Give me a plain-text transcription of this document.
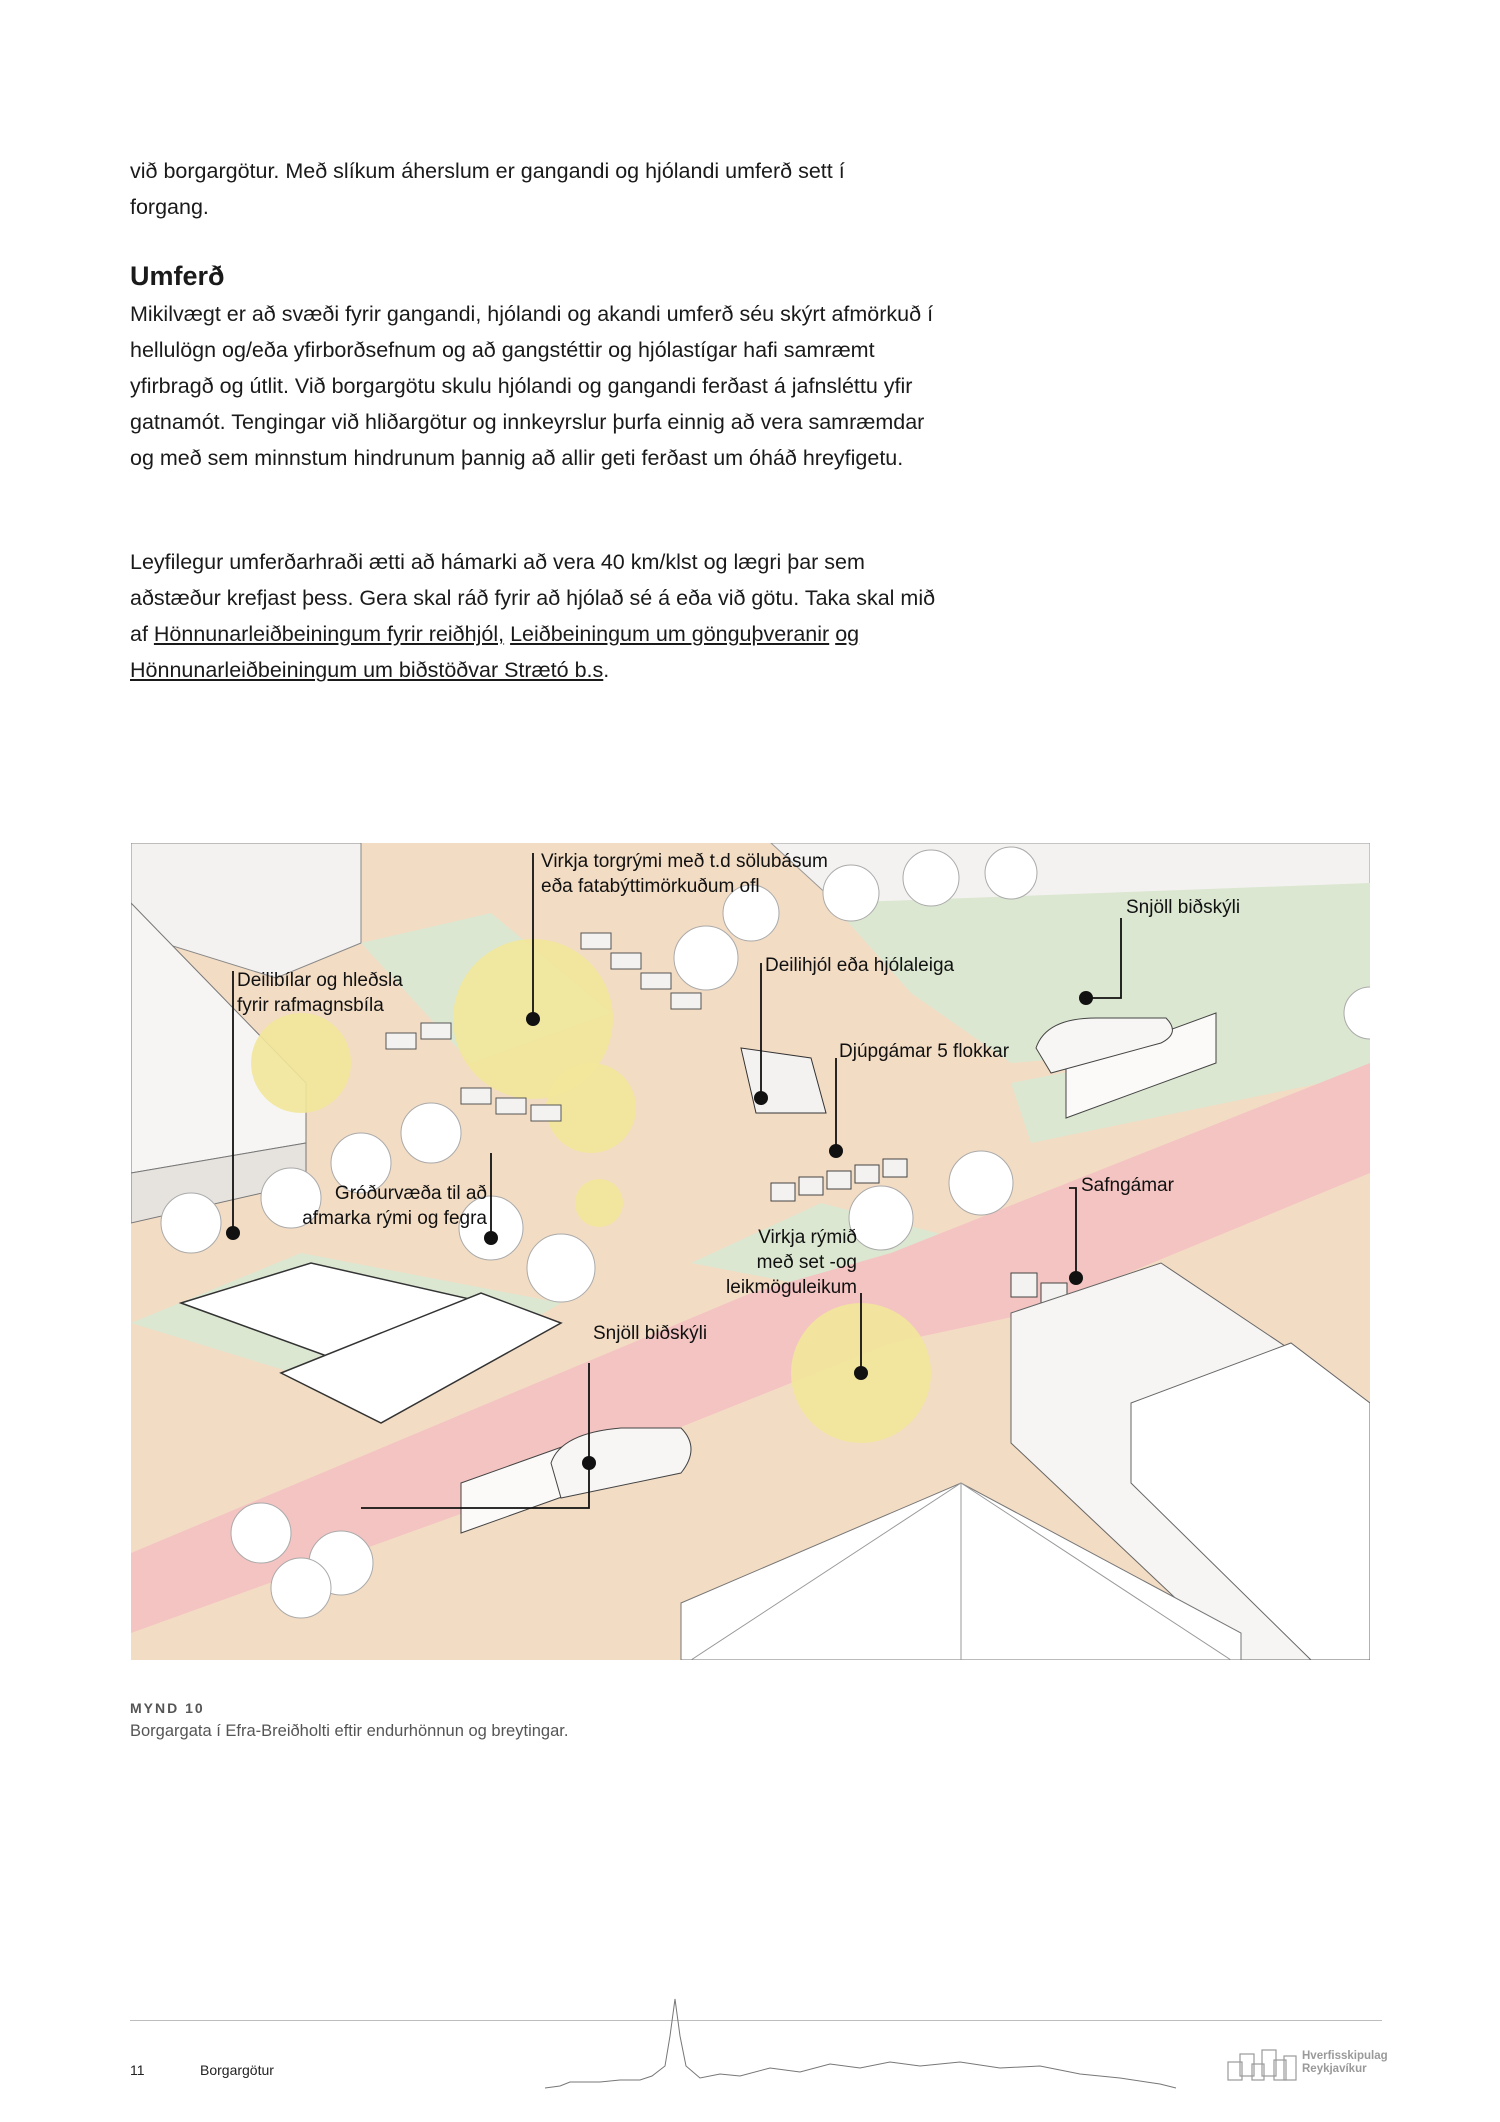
við borgargötur. Með slíkum áherslum er gangandi og hjólandi umferð sett í
forgang.

Umferð

Mikilvægt er að svæði fyrir gangandi, hjólandi og akandi umferð séu skýrt afmörkuð í hellulögn og/eða yfirborðsefnum og að gangstéttir og hjólastígar hafi samræmt yfirbragð og útlit. Við borgargötu skulu hjólandi og gangandi ferðast á jafnsléttu yfir gatnamót. Tengingar við hliðargötur og innkeyrslur þurfa einnig að vera samræmdar og með sem minnstum hindrunum þannig að allir geti ferðast um óháð hreyfigetu.

Leyfilegur umferðarhraði ætti að hámarki að vera 40 km/klst og lægri þar sem aðstæður krefjast þess. Gera skal ráð fyrir að hjólað sé á eða við götu. Taka skal mið af Hönnunarleiðbeiningum fyrir reiðhjól, Leiðbeiningum um gönguþveranir og Hönnunarleiðbeiningum um biðstöðvar Strætó b.s.

Virkja torgrými með t.d sölubásum
eða fatabýttimörkuðum ofl
Snjöll biðskýli
Deilibílar og hleðsla
fyrir rafmagnsbíla
Deilihjól eða hjólaleiga
Djúpgámar 5 flokkar
Gróðurvæða til að
afmarka rými og fegra
Safngámar
Virkja rýmið
með set -og
leikmöguleikum
Snjöll biðskýli

MYND 10

Borgargata í Efra-Breiðholti eftir endurhönnun og breytingar.

11	Borgargötur
Hverfisskipulag
Reykjavíkur
